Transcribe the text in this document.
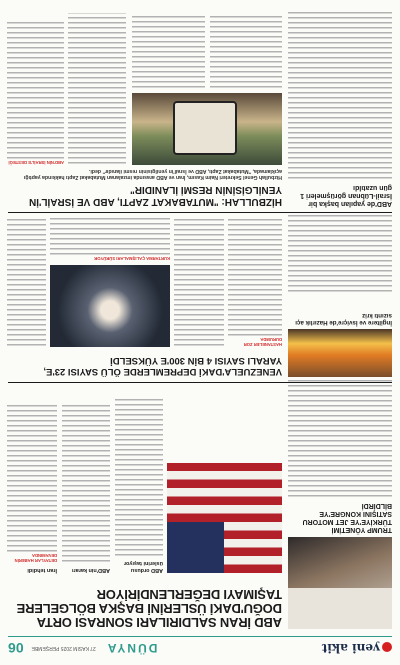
yeni akit
DÜNYA
27 KASIM 2025 PERŞEMBE
06
ABD İRAN SALDIRILARI SONRASI ORTA DOĞU'DAKİ ÜSLERİNİ BAŞKA BÖLGELERE TAŞIMAYI DEĞERLENDİRİYOR
ABD ordusu üslerini taşıyor
ABD'nin kararı
İran tehdidi
DETAYLAR HABERİN DEVAMINDA
TRUMP YÖNETİMİ TÜRKİYE'YE JET MOTORU SATIŞINI KONGRE'YE BİLDİRDİ
VENEZUELA'DAKİ DEPREMLERDE ÖLÜ SAYISI 23'E, YARALI SAYISI 4 BİN 300'E YÜKSELDİ
İngiltere ve İsviçre'de Hazırlık açı sızıntı kriz
HASTANELER ZOR DURUMDA
KURTARMA ÇALIŞMALARI SÜRÜYOR
HİZBULLAH: "MUTABAKAT ZAPTI, ABD VE İSRAİL'İN YENİLGİSİNİN RESMİ İLANIDIR"
Hizbullah Genel Sekreteri Naim Kasım, İran ve ABD arasında imzalanan Mutabakat Zaptı hakkında yaptığı açıklamada, "Mutabakat Zaptı, ABD ve İsrail'in yenilgisinin resmi ilanıdır" dedi.
ABD'de yapılan başka bir İsrail-Lübnan görüşmeleri 1 gün uzatıldı
ABD'NİN İSRAİL'E DESTEĞİ
